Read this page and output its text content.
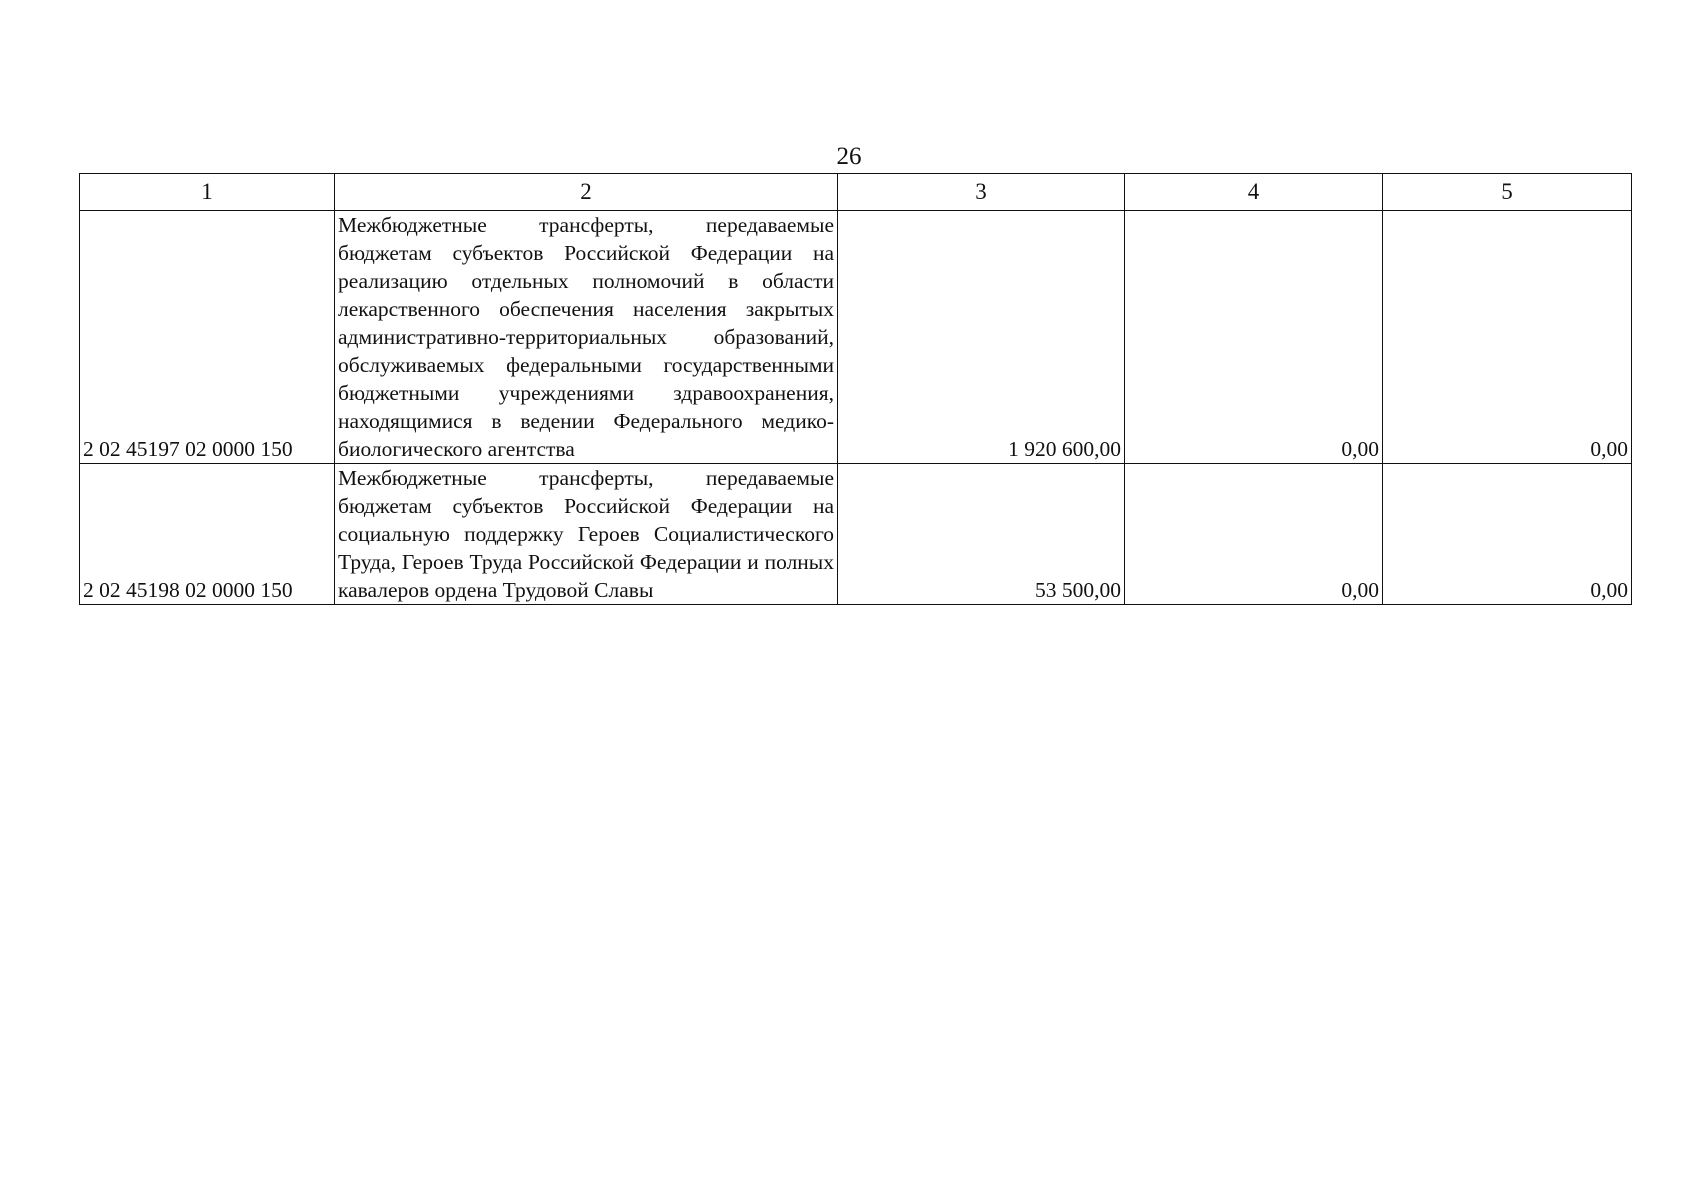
26
1	2	3	4	5
2 02 45197 02 0000 150	Межбюджетные трансферты, передаваемые бюджетам субъектов Российской Федерации на реализацию отдельных полномочий в области лекарственного обеспечения населения закрытых административно-территориальных образований, обслуживаемых федеральными государственными бюджетными учреждениями здравоохранения, находящимися в ведении Федерального медико-биологического агентства	1 920 600,00	0,00	0,00
2 02 45198 02 0000 150	Межбюджетные трансферты, передаваемые бюджетам субъектов Российской Федерации на социальную поддержку Героев Социалистического Труда, Героев Труда Российской Федерации и полных кавалеров ордена Трудовой Славы	53 500,00	0,00	0,00
